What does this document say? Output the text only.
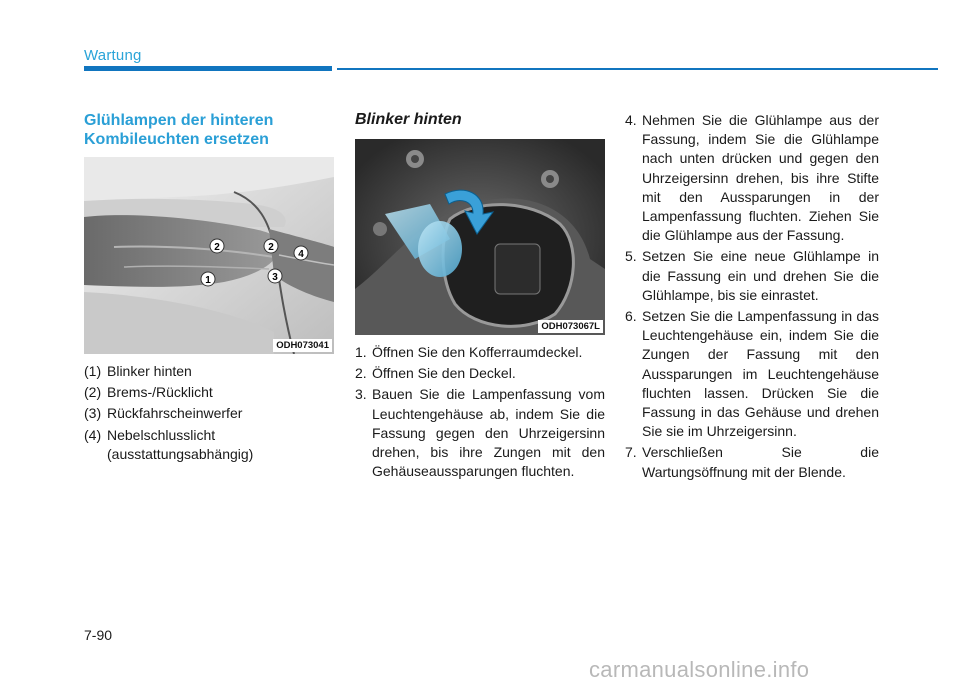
Wartung
Glühlampen der hinteren Kombileuchten ersetzen
2	2
4
1	3
ODH073041
(1) Blinker hinten
(2) Brems-/Rücklicht
(3) Rückfahrscheinwerfer
(4) Nebelschlusslicht (ausstattungsabhängig)
Blinker hinten
ODH073067L
1. Öffnen Sie den Kofferraumdeckel.
2. Öffnen Sie den Deckel.
3. Bauen Sie die Lampenfassung vom Leuchtengehäuse ab, indem Sie die Fassung gegen den Uhrzeigersinn drehen, bis ihre Zungen mit den Gehäuseaussparungen fluchten.
4. Nehmen Sie die Glühlampe aus der Fassung, indem Sie die Glühlampe nach unten drücken und gegen den Uhrzeigersinn drehen, bis ihre Stifte mit den Aussparungen in der Lampenfassung fluchten. Ziehen Sie die Glühlampe aus der Fassung.
5. Setzen Sie eine neue Glühlampe in die Fassung ein und drehen Sie die Glühlampe, bis sie einrastet.
6. Setzen Sie die Lampenfassung in das Leuchtengehäuse ein, indem Sie die Zungen der Fassung mit den Aussparungen im Leuchtengehäuse fluchten lassen. Drücken Sie die Fassung in das Gehäuse und drehen Sie sie im Uhrzeigersinn.
7. Verschließen Sie die Wartungsöffnung mit der Blende.
7-90
carmanualsonline.info
